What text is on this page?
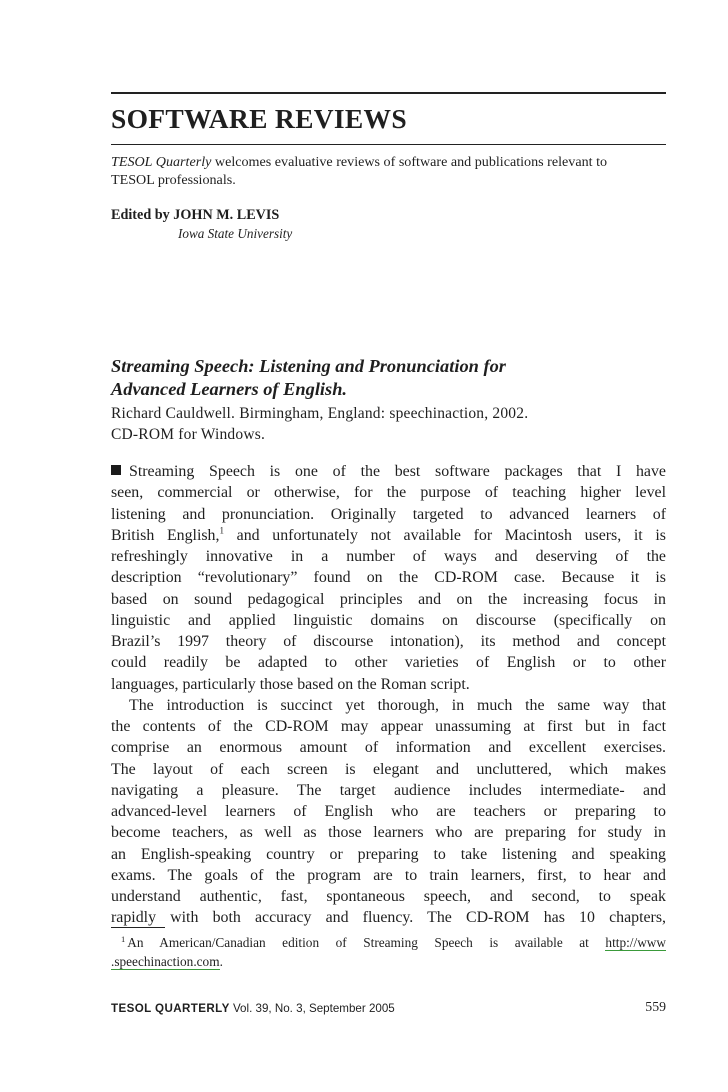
SOFTWARE REVIEWS

TESOL Quarterly welcomes evaluative reviews of software and publications relevant to
TESOL professionals.

Edited by JOHN M. LEVIS

Iowa State University

Streaming Speech: Listening and Pronunciation for
Advanced Learners of English.

Richard Cauldwell. Birmingham, England: speechinaction, 2002.
CD-ROM for Windows.

Streaming Speech is one of the best software packages that I have

seen, commercial or otherwise, for the purpose of teaching higher level

listening and pronunciation. Originally targeted to advanced learners of

British English,$^1$ and unfortunately not available for Macintosh users, it is

refreshingly innovative in a number of ways and deserving of the

description “revolutionary” found on the CD-ROM case. Because it is

based on sound pedagogical principles and on the increasing focus in

linguistic and applied linguistic domains on discourse (specifically on

Brazil’s 1997 theory of discourse intonation), its method and concept

could readily be adapted to other varieties of English or to other

languages, particularly those based on the Roman script.

The introduction is succinct yet thorough, in much the same way that

the contents of the CD-ROM may appear unassuming at first but in fact

comprise an enormous amount of information and excellent exercises.

The layout of each screen is elegant and uncluttered, which makes

navigating a pleasure. The target audience includes intermediate- and

advanced-level learners of English who are teachers or preparing to

become teachers, as well as those learners who are preparing for study in

an English-speaking country or preparing to take listening and speaking

exams. The goals of the program are to train learners, first, to hear and

understand authentic, fast, spontaneous speech, and second, to speak

rapidly with both accuracy and fluency. The CD-ROM has 10 chapters,

$^1$ An American/Canadian edition of Streaming Speech is available at http://www
.speechinaction.com.

TESOL QUARTERLY Vol. 39, No. 3, September 2005	559
